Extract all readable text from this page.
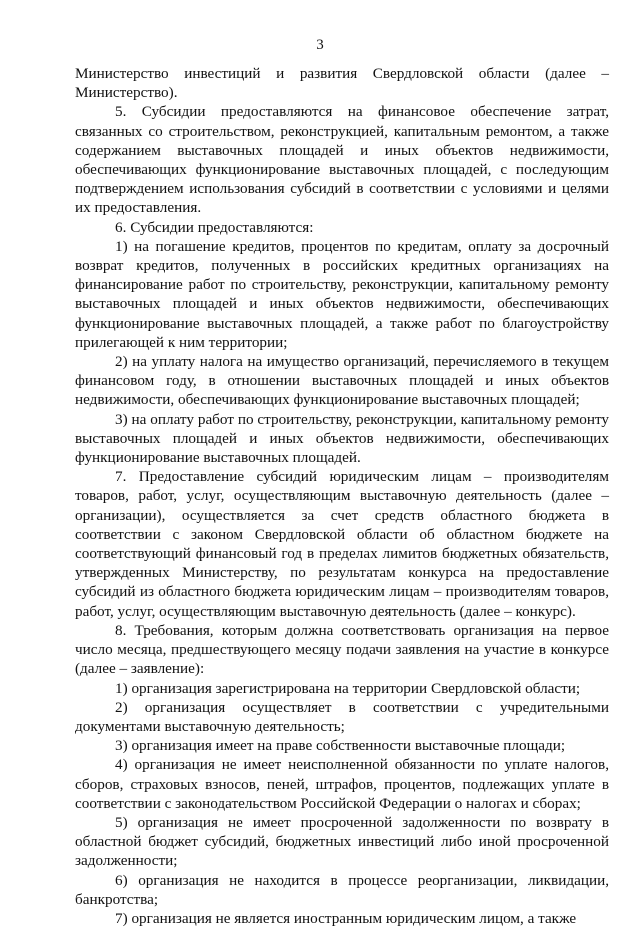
3

Министерство инвестиций и развития Свердловской области (далее – Министерство).

5. Субсидии предоставляются на финансовое обеспечение затрат, связанных со строительством, реконструкцией, капитальным ремонтом, а также содержанием выставочных площадей и иных объектов недвижимости, обеспечивающих функционирование выставочных площадей, с последующим подтверждением использования субсидий в соответствии с условиями и целями их предоставления.

6. Субсидии предоставляются:

1) на погашение кредитов, процентов по кредитам, оплату за досрочный возврат кредитов, полученных в российских кредитных организациях на финансирование работ по строительству, реконструкции, капитальному ремонту выставочных площадей и иных объектов недвижимости, обеспечивающих функционирование выставочных площадей, а также работ по благоустройству прилегающей к ним территории;

2) на уплату налога на имущество организаций, перечисляемого в текущем финансовом году, в отношении выставочных площадей и иных объектов недвижимости, обеспечивающих функционирование выставочных площадей;

3) на оплату работ по строительству, реконструкции, капитальному ремонту выставочных площадей и иных объектов недвижимости, обеспечивающих функционирование выставочных площадей.

7. Предоставление субсидий юридическим лицам – производителям товаров, работ, услуг, осуществляющим выставочную деятельность (далее – организации), осуществляется за счет средств областного бюджета в соответствии с законом Свердловской области об областном бюджете на соответствующий финансовый год в пределах лимитов бюджетных обязательств, утвержденных Министерству, по результатам конкурса на предоставление субсидий из областного бюджета юридическим лицам – производителям товаров, работ, услуг, осуществляющим выставочную деятельность (далее – конкурс).

8. Требования, которым должна соответствовать организация на первое число месяца, предшествующего месяцу подачи заявления на участие в конкурсе (далее – заявление):

1) организация зарегистрирована на территории Свердловской области;

2) организация осуществляет в соответствии с учредительными документами выставочную деятельность;

3) организация имеет на праве собственности выставочные площади;

4) организация не имеет неисполненной обязанности по уплате налогов, сборов, страховых взносов, пеней, штрафов, процентов, подлежащих уплате в соответствии с законодательством Российской Федерации о налогах и сборах;

5) организация не имеет просроченной задолженности по возврату в областной бюджет субсидий, бюджетных инвестиций либо иной просроченной задолженности;

6) организация не находится в процессе реорганизации, ликвидации, банкротства;

7) организация не является иностранным юридическим лицом, а также
